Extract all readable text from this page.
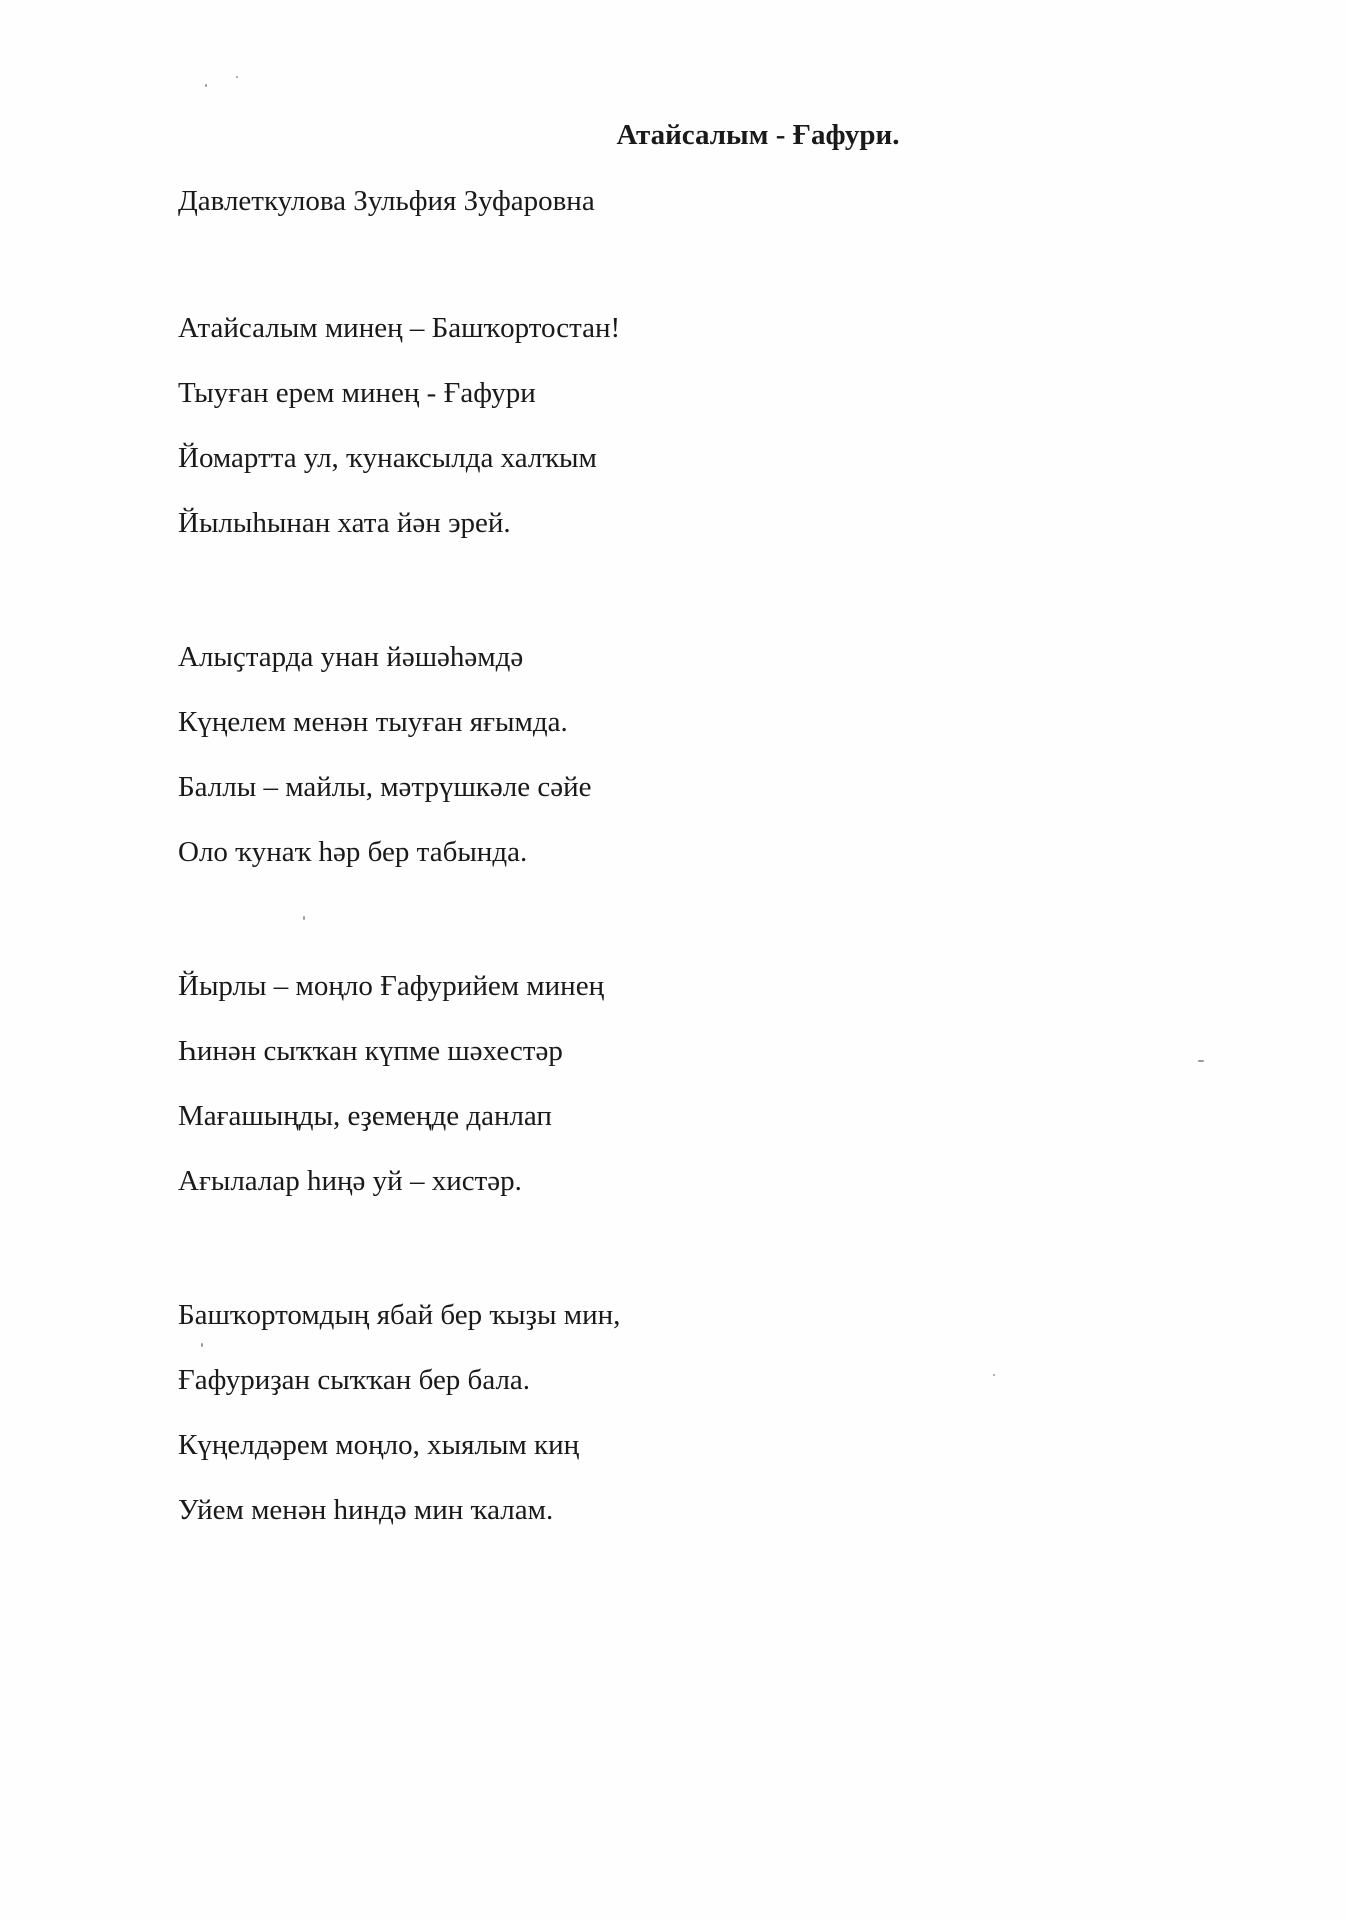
Атайсалым - Ғафури.
Давлеткулова Зульфия Зуфаровна
Атайсалым минең – Башҡортостан!
Тыуған ерем минең - Ғафури
Йомартта ул, ҡунаксылда халҡым
Йылыһынан хата йән эрей.
Алыҫтарда унан йәшәһәмдә
Күңелем менән тыуған яғымда.
Баллы – майлы, мәтрүшкәле сәйе
Оло ҡунаҡ һәр бер табында.
Йырлы – моңло Ғафурийем минең
Һинән сыҡҡан күпме шәхестәр
Мағашыңды, еҙемеңде данлап
Ағылалар һиңә уй – хистәр.
Башҡортомдың ябай бер ҡыҙы мин,
Ғафуриҙан сыҡҡан бер бала.
Күңелдәрем моңло, хыялым киң
Уйем менән һиндә мин ҡалам.
